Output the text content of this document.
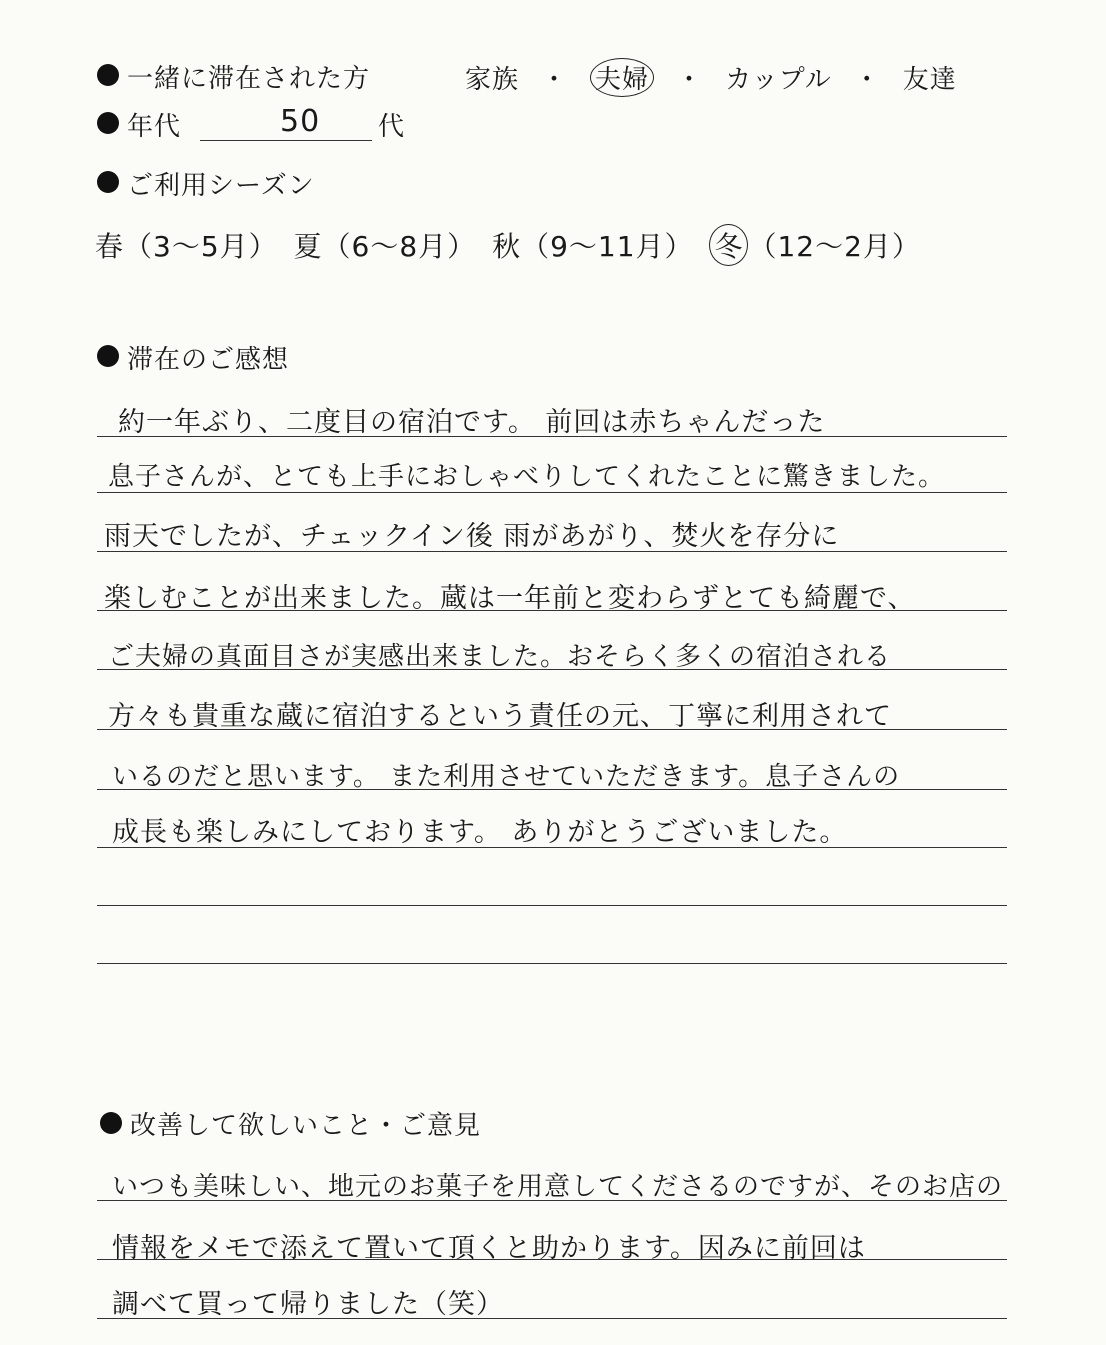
一緒に滞在された方	家族 ・ 夫婦 ・ カップル ・ 友達
年代	50 代
ご利用シーズン
春（3〜5月） 夏（6〜8月） 秋（9〜11月） 冬 （12〜2月）
滞在のご感想
約一年ぶり、二度目の宿泊です。 前回は赤ちゃんだった
息子さんが、とても上手におしゃべりしてくれたことに驚きました。
雨天でしたが、チェックイン後 雨があがり、焚火を存分に
楽しむことが出来ました。蔵は一年前と変わらずとても綺麗で、
ご夫婦の真面目さが実感出来ました。おそらく多くの宿泊される
方々も貴重な蔵に宿泊するという責任の元、丁寧に利用されて
いるのだと思います。 また利用させていただきます。息子さんの
成長も楽しみにしております。 ありがとうございました。
改善して欲しいこと・ご意見
いつも美味しい、地元のお菓子を用意してくださるのですが、そのお店の
情報をメモで添えて置いて頂くと助かります。因みに前回は
調べて買って帰りました（笑）
